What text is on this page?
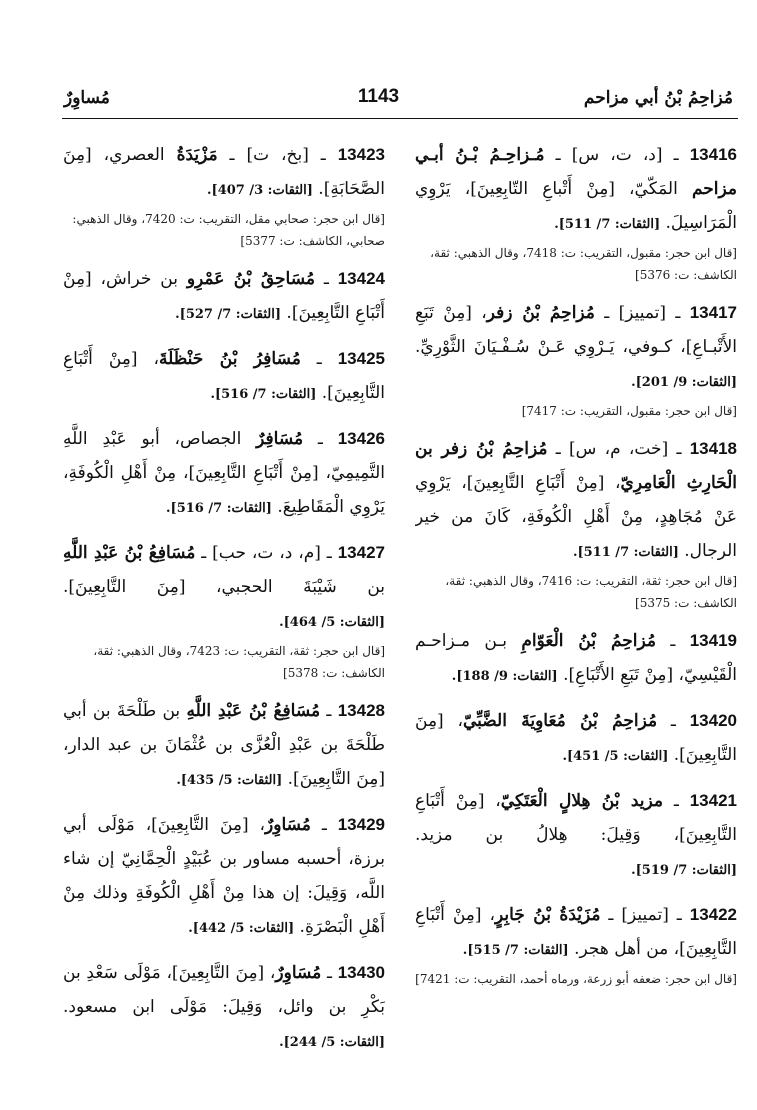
مُزاحِمُ بْنُ أبي مزاحم
1143
مُساوِرٌ
13416 ـ [د، ت، س] ـ مُـزاحِـمُ بْـنُ أبـي مزاحم المَكّيّ، [مِنْ أَتْباعِ التّابِعِينَ]، يَرْوِي الْمَرَاسِيلَ. [الثقات: 7/ 511].
[قال ابن حجر: مقبول، التقريب: ت: 7418، وقال الذهبي: ثقة، الكاشف: ت: 5376]
13417 ـ [تمييز] ـ مُزاحِمُ بْنُ زفر، [مِنْ تَبَعِ الأَتْبـاعِ]، كـوفي، يَـرْوِي عَـنْ سُـفْـيَانَ الثَّوْرِيِّ. [الثقات: 9/ 201].
[قال ابن حجر: مقبول، التقريب: ت: 7417]
13418 ـ [خت، م، س] ـ مُزاحِمُ بْنُ زفر بن الْحَارِثِ الْعَامِرِيّ، [مِنْ أَتْبَاعِ التَّابِعِينَ]، يَرْوِي عَنْ مُجَاهِدٍ، مِنْ أَهْلِ الْكُوفَةِ، كَانَ من خير الرجال. [الثقات: 7/ 511].
[قال ابن حجر: ثقة، التقريب: ت: 7416، وقال الذهبي: ثقة، الكاشف: ت: 5375]
13419 ـ مُزاحِمُ بْنُ الْعَوّامِ بـن مـزاحـم الْقَيْسِيّ، [مِنْ تَبَعِ الأَتْبَاعِ]. [الثقات: 9/ 188].
13420 ـ مُزاحِمُ بْنُ مُعَاوِيَةَ الضَّبِّيّ، [مِنَ التَّابِعِينَ]. [الثقات: 5/ 451].
13421 ـ مزيد بْنُ هِلالٍ الْعَتَكِيّ، [مِنْ أَتْبَاعِ التَّابِعِينَ]، وَقِيلَ: هِلالُ بن مزيد. [الثقات: 7/ 519].
13422 ـ [تمييز] ـ مُزَيْدَةُ بْنُ جَابِرٍ، [مِنْ أَتْبَاعِ التَّابِعِينَ]، من أهل هجر. [الثقات: 7/ 515].
[قال ابن حجر: ضعفه أبو زرعة، ورماه أحمد، التقريب: ت: 7421]
13423 ـ [بخ، ت] ـ مَزْيَدَةُ العصري، [مِنَ الصَّحَابَةِ]. [الثقات: 3/ 407].
[قال ابن حجر: صحابي مقل، التقريب: ت: 7420، وقال الذهبي: صحابي، الكاشف: ت: 5377]
13424 ـ مُسَاحِقُ بْنُ عَمْرِو بن خراش، [مِنْ أَتْبَاعِ التَّابِعِينَ]. [الثقات: 7/ 527].
13425 ـ مُسَافِرُ بْنُ حَنْظَلَةَ، [مِنْ أَتْبَاعِ التَّابِعِينَ]. [الثقات: 7/ 516].
13426 ـ مُسَافِرٌ الجصاص، أبو عَبْدِ اللَّهِ التَّمِيمِيّ، [مِنْ أَتْبَاعِ التَّابِعِينَ]، مِنْ أَهْلِ الْكُوفَةِ، يَرْوِي الْمَقَاطِيعَ. [الثقات: 7/ 516].
13427 ـ [م، د، ت، حب] ـ مُسَافِعُ بْنُ عَبْدِ اللَّهِ بن شَيْبَةَ الحجبي، [مِنَ التَّابِعِينَ]. [الثقات: 5/ 464].
[قال ابن حجر: ثقة، التقريب: ت: 7423، وقال الذهبي: ثقة، الكاشف: ت: 5378]
13428 ـ مُسَافِعُ بْنُ عَبْدِ اللَّهِ بن طَلْحَةَ بن أبي طَلْحَةَ بن عَبْدِ الْعُزَّى بن عُثْمَانَ بن عبد الدار، [مِنَ التَّابِعِينَ]. [الثقات: 5/ 435].
13429 ـ مُسَاوِرٌ، [مِنَ التَّابِعِينَ]، مَوْلَى أبي برزة، أحسبه مساور بن عُبَيْدٍ الْحِمَّانِيّ إن شاء اللَّه، وَقِيلَ: إن هذا مِنْ أَهْلِ الْكُوفَةِ وذلك مِنْ أَهْلِ الْبَصْرَةِ. [الثقات: 5/ 442].
13430 ـ مُسَاوِرٌ، [مِنَ التَّابِعِينَ]، مَوْلَى سَعْدِ بن بَكْرِ بن وائل، وَقِيلَ: مَوْلَى ابن مسعود. [الثقات: 5/ 244].
